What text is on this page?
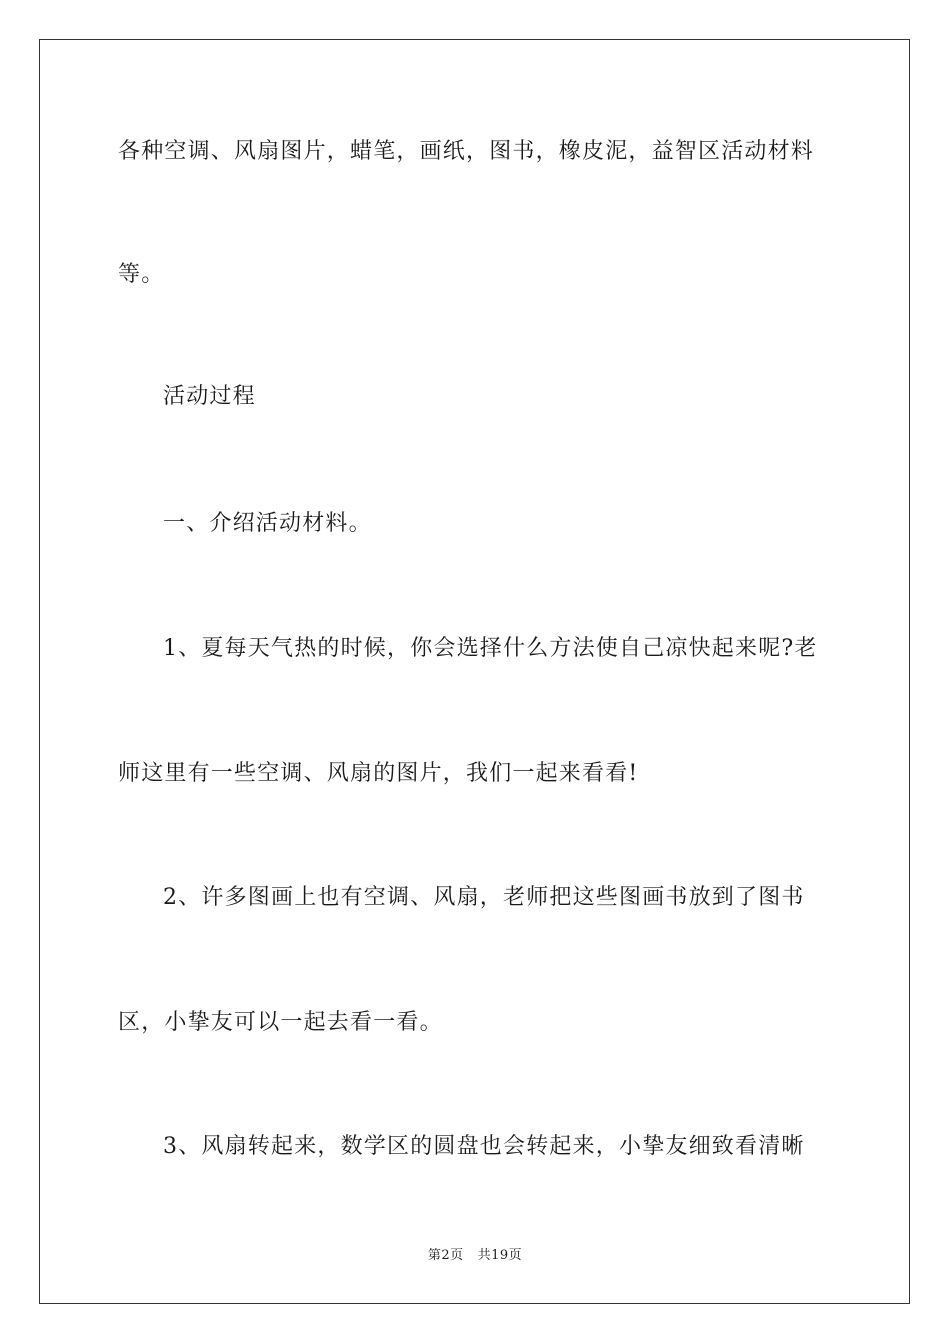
各种空调、风扇图片，蜡笔，画纸，图书，橡皮泥，益智区活动材料
等。
活动过程
一、介绍活动材料。
1、夏每天气热的时候，你会选择什么方法使自己凉快起来呢?老
师这里有一些空调、风扇的图片，我们一起来看看!
2、许多图画上也有空调、风扇，老师把这些图画书放到了图书
区，小挚友可以一起去看一看。
3、风扇转起来，数学区的圆盘也会转起来，小挚友细致看清晰
第2页 共19页
